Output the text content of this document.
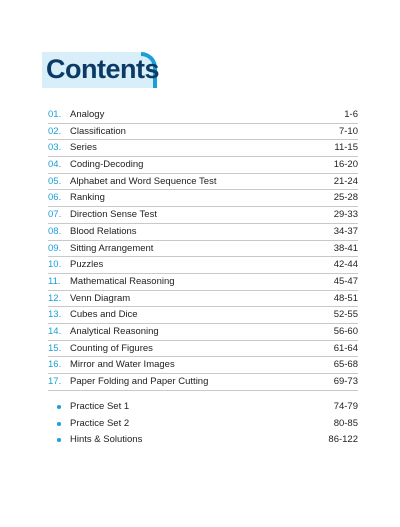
Contents
01. Analogy	1-6
02. Classification	7-10
03. Series	11-15
04. Coding-Decoding	16-20
05. Alphabet and Word Sequence Test	21-24
06. Ranking	25-28
07. Direction Sense Test	29-33
08. Blood Relations	34-37
09. Sitting Arrangement	38-41
10. Puzzles	42-44
11. Mathematical Reasoning	45-47
12. Venn Diagram	48-51
13. Cubes and Dice	52-55
14. Analytical Reasoning	56-60
15. Counting of Figures	61-64
16. Mirror and Water Images	65-68
17. Paper Folding and Paper Cutting	69-73
Practice Set 1	74-79
Practice Set 2	80-85
Hints & Solutions	86-122
